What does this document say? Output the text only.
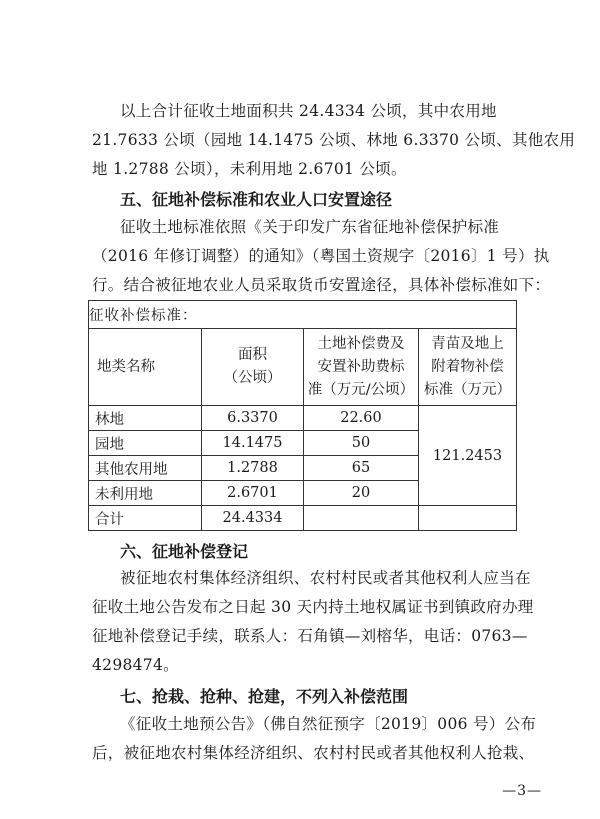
以上合计征收土地面积共 24.4334 公顷，其中农用地
21.7633 公顷（园地 14.1475 公顷、林地 6.3370 公顷、其他农用
地 1.2788 公顷），未利用地 2.6701 公顷。
五、征地补偿标准和农业人口安置途径
征收土地标准依照《关于印发广东省征地补偿保护标准
（2016 年修订调整）的通知》（粤国土资规字〔2016〕1 号）执
行。结合被征地农业人员采取货币安置途径，具体补偿标准如下：
征收补偿标准：			
地类名称	面积
（公顷）	土地补偿费及
安置补助费标
准（万元/公顷）	青苗及地上
附着物补偿
标准（万元）
林地	6.3370	22.60	121.2453
园地	14.1475	50	
其他农用地	1.2788	65	
未利用地	2.6701	20	
合计	24.4334		
六、征地补偿登记
被征地农村集体经济组织、农村村民或者其他权利人应当在
征收土地公告发布之日起 30 天内持土地权属证书到镇政府办理
征地补偿登记手续，联系人：石角镇—刘榕华，电话：0763—
4298474。
七、抢栽、抢种、抢建，不列入补偿范围
《征收土地预公告》（佛自然征预字〔2019〕006 号）公布
后，被征地农村集体经济组织、农村村民或者其他权利人抢栽、
—3—
